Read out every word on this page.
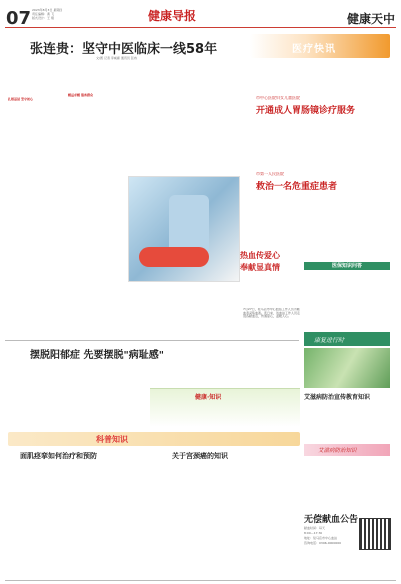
07 2023年8月3日 星期四
责任编辑：黄 飞
版式设计：王 翔	健康导报	健康天中
张连贵：坚守中医临床一线58年
文/图 记者 李威霖 通讯员 张冉
扎根基层 坚守初心
精益求精 服务群众
热血传爱心
奉献显真情
7月27日，驻马店市中心血站工作人员为献血者采集血液。连日来，该血站工作人员走进各献血点，传递爱心，温暖人心。
医疗快讯
市中心医院妇女儿童医院
开通成人胃肠镜诊疗服务
市第一人民医院
救治一名危重症患者
医保知识问答
康复进行时
摆脱阳郁症 先要摆脱"病耻感"
健康·知识	艾滋病防治宣传教育知识
艾滋病防治知识
科普知识
面肌痉挛如何治疗和预防	关于宫颈癌的知识
无偿献血公告
献血时间：每天
8:00—17:30
地址：驻马店市中心血站
咨询电话：0396-0000000
